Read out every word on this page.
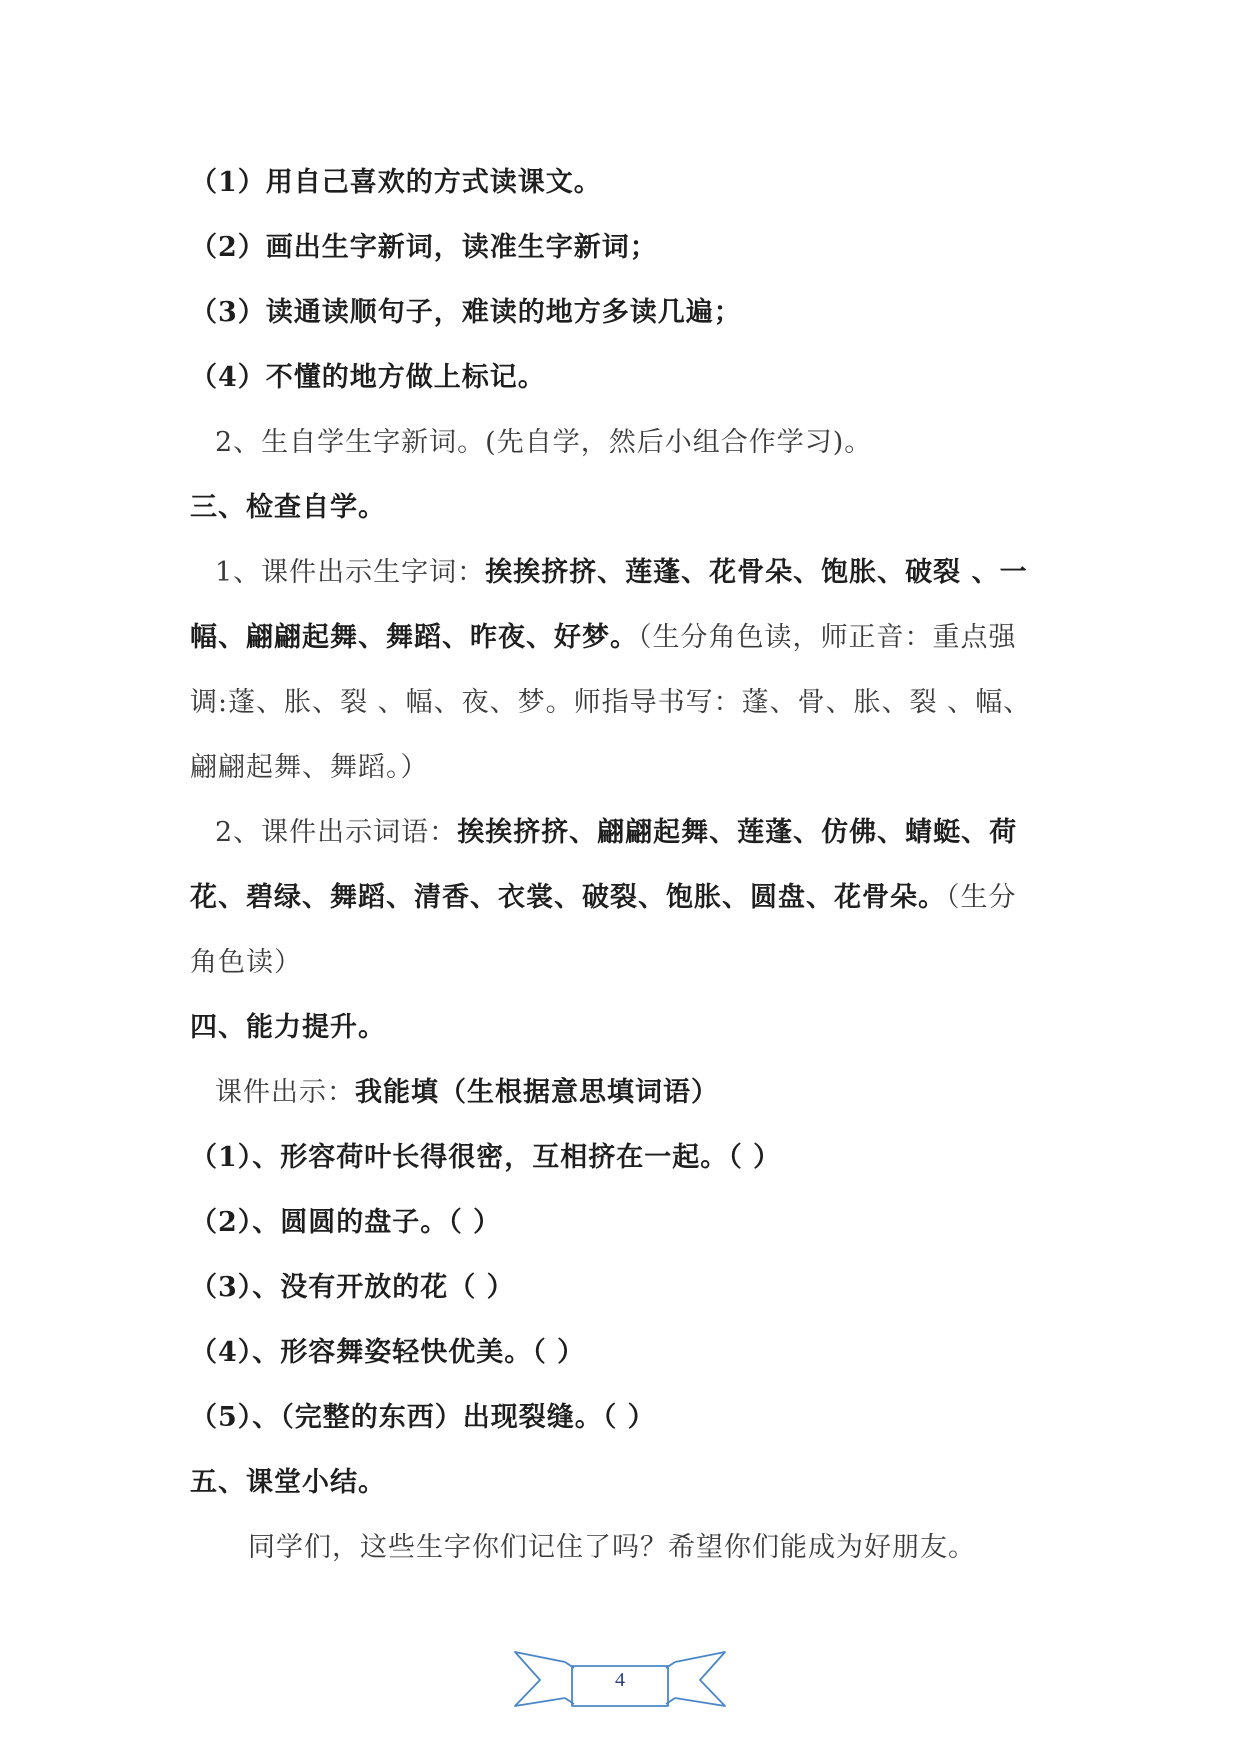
（1）用自己喜欢的方式读课文。
（2）画出生字新词，读准生字新词；
（3）读通读顺句子，难读的地方多读几遍；
（4）不懂的地方做上标记。
2、生自学生字新词。(先自学，然后小组合作学习)。
三、检查自学。
1、课件出示生字词：挨挨挤挤、莲蓬、花骨朵、饱胀、破裂 、一
幅、翩翩起舞、舞蹈、昨夜、好梦。（生分角色读，师正音：重点强
调:蓬、胀、裂 、幅、夜、梦。师指导书写：蓬、骨、胀、裂 、幅、
翩翩起舞、舞蹈。）
2、课件出示词语：挨挨挤挤、翩翩起舞、莲蓬、仿佛、蜻蜓、荷
花、碧绿、舞蹈、清香、衣裳、破裂、饱胀、圆盘、花骨朵。（生分
角色读）
四、能力提升。
课件出示：我能填（生根据意思填词语）
（1）、形容荷叶长得很密，互相挤在一起。（ ）
（2）、圆圆的盘子。（ ）
（3）、没有开放的花（ ）
（4）、形容舞姿轻快优美。（ ）
（5）、（完整的东西）出现裂缝。（ ）
五、课堂小结。
同学们，这些生字你们记住了吗？希望你们能成为好朋友。
4
